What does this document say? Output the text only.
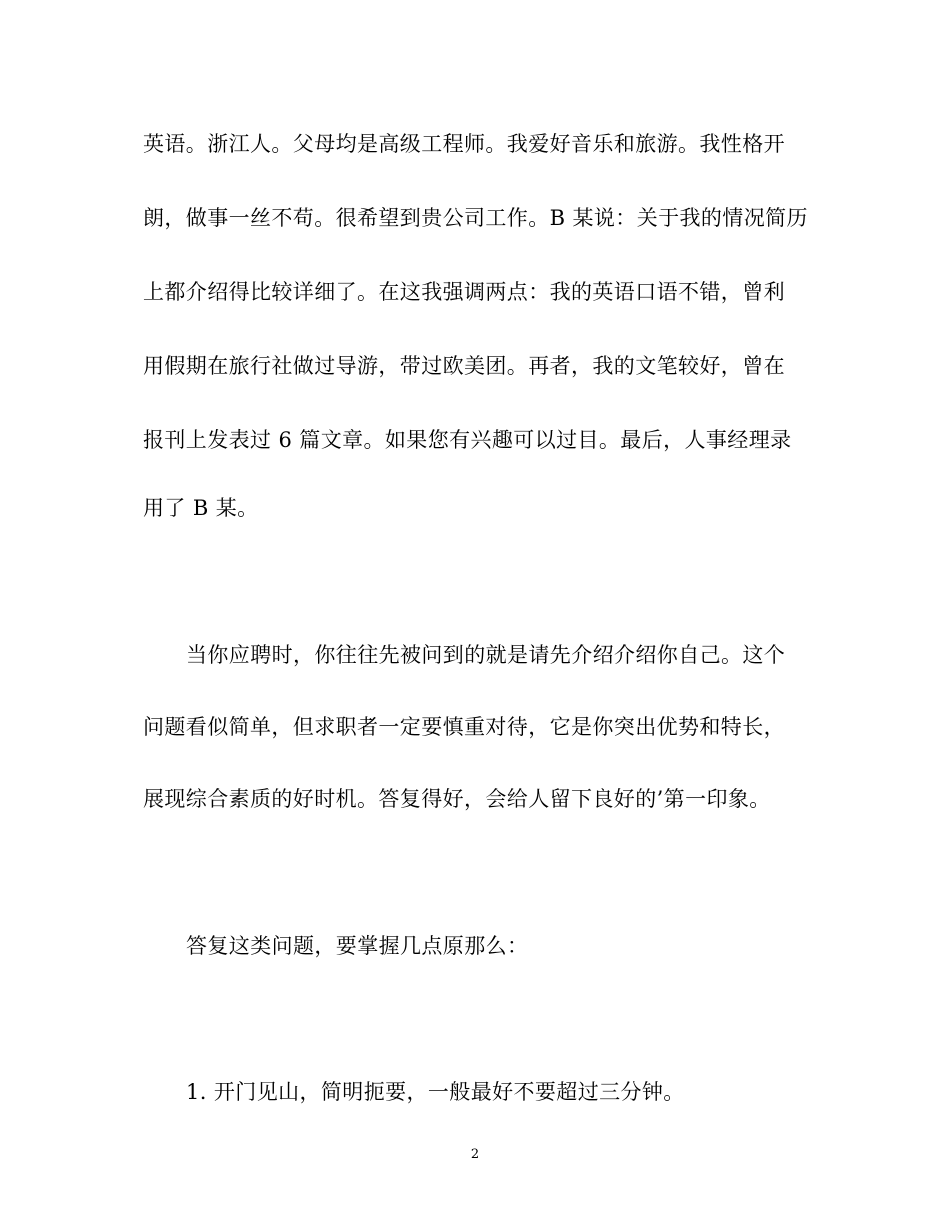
英语。浙江人。父母均是高级工程师。我爱好音乐和旅游。我性格开
朗，做事一丝不苟。很希望到贵公司工作。B 某说：关于我的情况简历
上都介绍得比较详细了。在这我强调两点：我的英语口语不错，曾利
用假期在旅行社做过导游，带过欧美团。再者，我的文笔较好，曾在
报刊上发表过 6 篇文章。如果您有兴趣可以过目。最后，人事经理录
用了 B 某。
当你应聘时，你往往先被问到的就是请先介绍介绍你自己。这个
问题看似简单，但求职者一定要慎重对待，它是你突出优势和特长，
展现综合素质的好时机。答复得好，会给人留下良好的’第一印象。
答复这类问题，要掌握几点原那么：
1. 开门见山，简明扼要，一般最好不要超过三分钟。
2
